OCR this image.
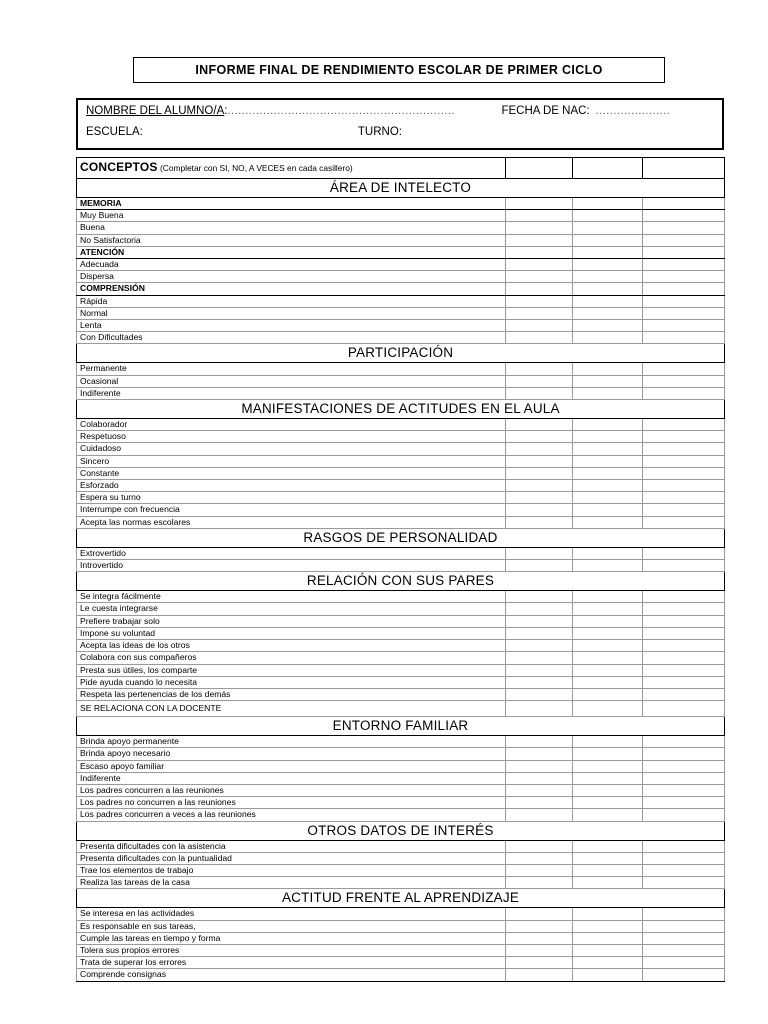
INFORME FINAL DE RENDIMIENTO ESCOLAR DE PRIMER CICLO
NOMBRE DEL ALUMNO/A : ................................................................	FECHA DE NAC: .....................
ESCUELA:	TURNO:
CONCEPTOS (Completar con SI, NO, A VECES en cada casillero)			
ÁREA DE INTELECTO			
MEMORIA			
Muy Buena			
Buena			
No Satisfactoria			
ATENCIÓN			
Adecuada			
Dispersa			
COMPRENSIÓN			
Rápida			
Normal			
Lenta			
Con Dificultades			
PARTICIPACIÓN			
Permanente			
Ocasional			
Indiferente			
MANIFESTACIONES DE ACTITUDES EN EL AULA			
Colaborador			
Respetuoso			
Cuidadoso			
Sincero			
Constante			
Esforzado			
Espera su turno			
Interrumpe con frecuencia			
Acepta las normas escolares			
RASGOS DE PERSONALIDAD			
Extrovertido			
Introvertido			
RELACIÓN CON SUS PARES			
Se integra fácilmente			
Le cuesta integrarse			
Prefiere trabajar solo			
Impone su voluntad			
Acepta las ideas de los otros			
Colabora con sus compañeros			
Presta sus útiles, los comparte			
Pide ayuda cuando lo necesita			
Respeta las pertenencias de los demás			
SE RELACIONA CON LA DOCENTE			
ENTORNO FAMILIAR			
Brinda apoyo permanente			
Brinda apoyo necesario			
Escaso apoyo familiar			
Indiferente			
Los padres concurren a las reuniones			
Los padres no concurren a las reuniones			
Los padres concurren a veces a las reuniones			
OTROS DATOS DE INTERÉS			
Presenta dificultades con la asistencia			
Presenta dificultades con la puntualidad			
Trae los elementos de trabajo			
Realiza las tareas de la casa			
ACTITUD FRENTE AL APRENDIZAJE			
Se interesa en las actividades			
Es responsable en sus tareas,			
Cumple las tareas en tiempo y forma			
Tolera sus propios errores			
Trata de superar los errores			
Comprende consignas			
